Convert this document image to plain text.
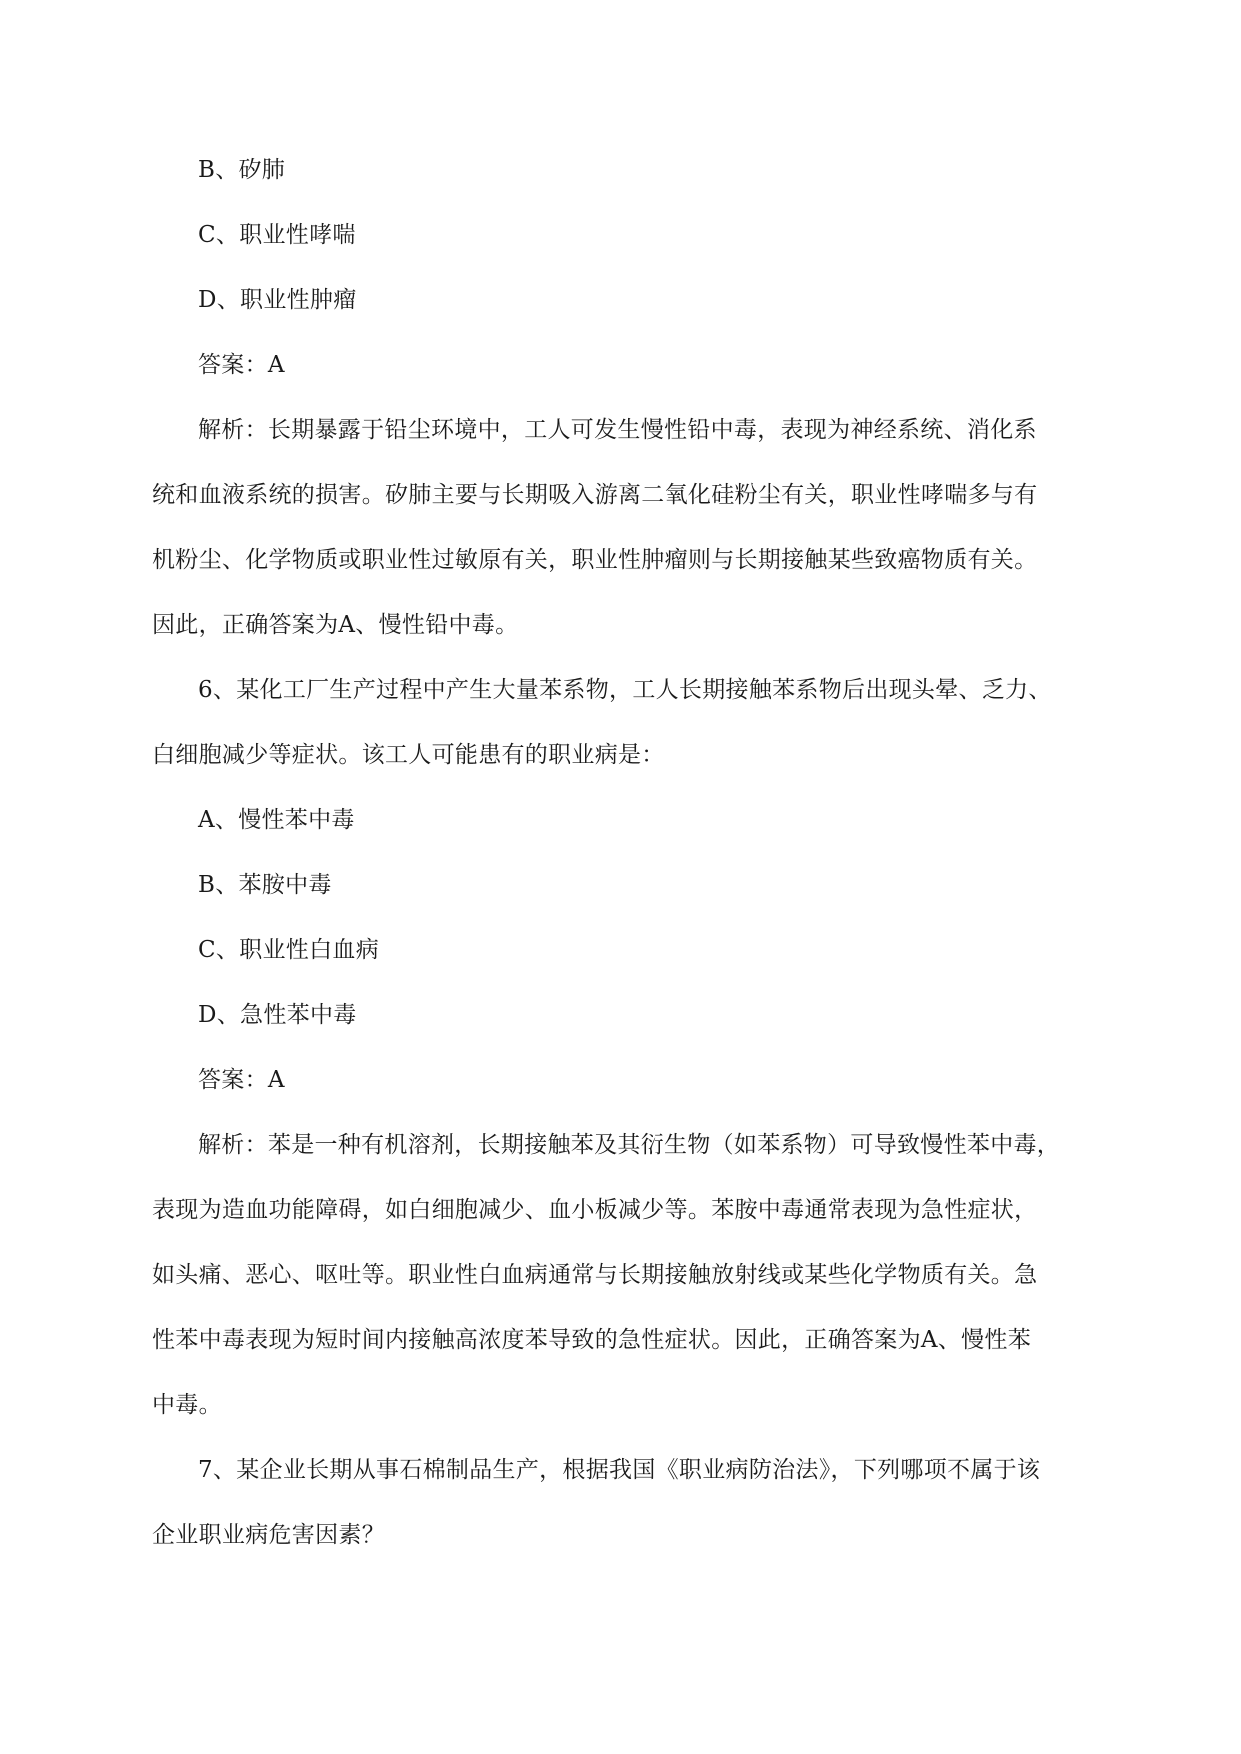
B、矽肺
C、职业性哮喘
D、职业性肿瘤
答案：A
解析：长期暴露于铅尘环境中，工人可发生慢性铅中毒，表现为神经系统、消化系
统和血液系统的损害。矽肺主要与长期吸入游离二氧化硅粉尘有关，职业性哮喘多与有
机粉尘、化学物质或职业性过敏原有关，职业性肿瘤则与长期接触某些致癌物质有关。
因此，正确答案为A、慢性铅中毒。
6、某化工厂生产过程中产生大量苯系物，工人长期接触苯系物后出现头晕、乏力、
白细胞减少等症状。该工人可能患有的职业病是：
A、慢性苯中毒
B、苯胺中毒
C、职业性白血病
D、急性苯中毒
答案：A
解析：苯是一种有机溶剂，长期接触苯及其衍生物（如苯系物）可导致慢性苯中毒，
表现为造血功能障碍，如白细胞减少、血小板减少等。苯胺中毒通常表现为急性症状，
如头痛、恶心、呕吐等。职业性白血病通常与长期接触放射线或某些化学物质有关。急
性苯中毒表现为短时间内接触高浓度苯导致的急性症状。因此，正确答案为A、慢性苯
中毒。
7、某企业长期从事石棉制品生产，根据我国《职业病防治法》，下列哪项不属于该
企业职业病危害因素？
